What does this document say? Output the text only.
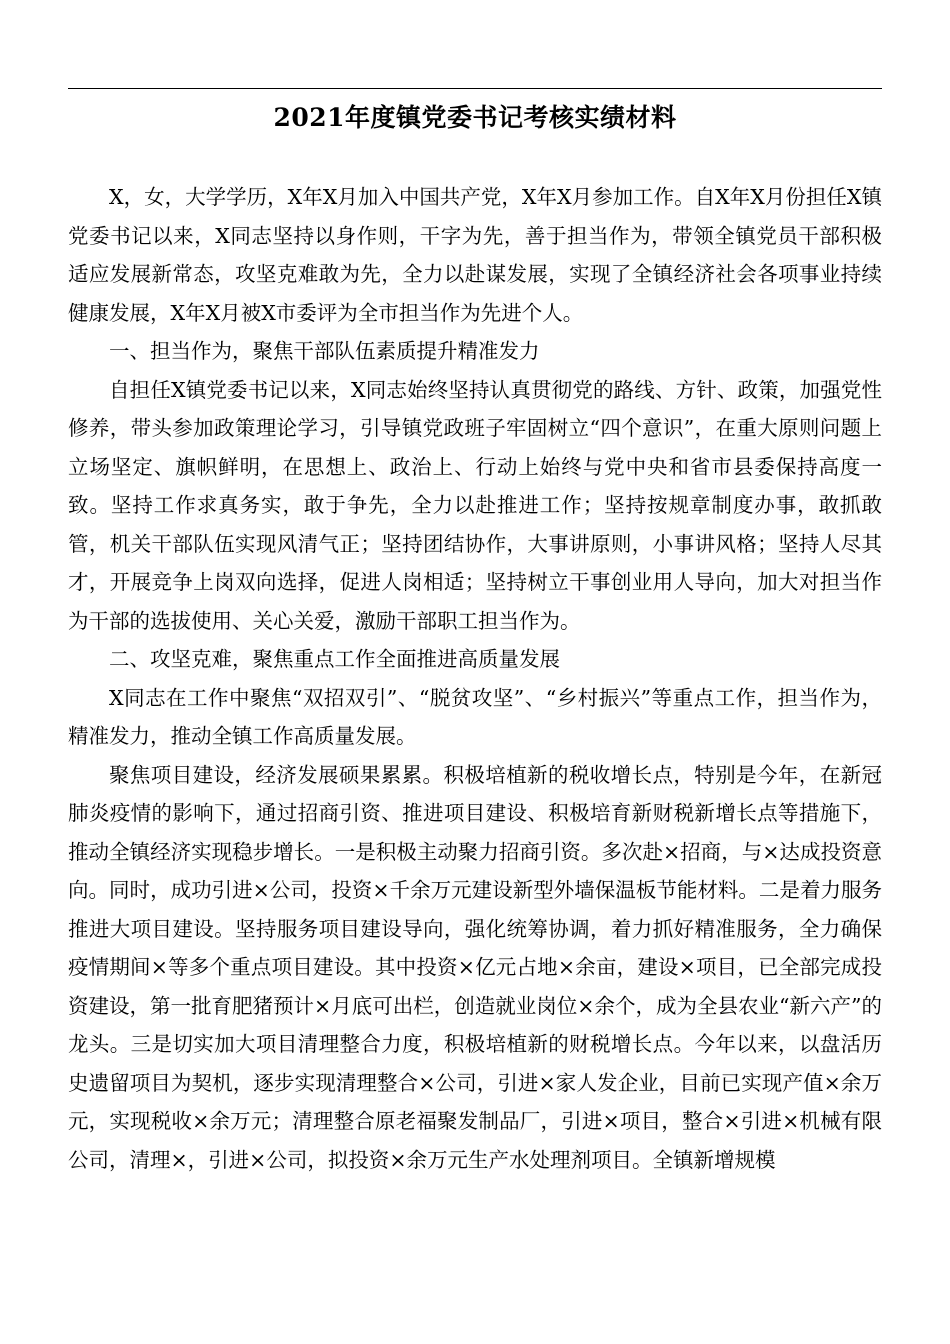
2021年度镇党委书记考核实绩材料

X，女，大学学历，X年X月加入中国共产党，X年X月参加工作。自X年X月份担任X镇党委书记以来，X同志坚持以身作则，干字为先，善于担当作为，带领全镇党员干部积极适应发展新常态，攻坚克难敢为先，全力以赴谋发展，实现了全镇经济社会各项事业持续健康发展，X年X月被X市委评为全市担当作为先进个人。

一、担当作为，聚焦干部队伍素质提升精准发力

自担任X镇党委书记以来，X同志始终坚持认真贯彻党的路线、方针、政策，加强党性修养，带头参加政策理论学习，引导镇党政班子牢固树立“四个意识”，在重大原则问题上立场坚定、旗帜鲜明，在思想上、政治上、行动上始终与党中央和省市县委保持高度一致。坚持工作求真务实，敢于争先，全力以赴推进工作；坚持按规章制度办事，敢抓敢管，机关干部队伍实现风清气正；坚持团结协作，大事讲原则，小事讲风格；坚持人尽其才，开展竞争上岗双向选择，促进人岗相适；坚持树立干事创业用人导向，加大对担当作为干部的选拔使用、关心关爱，激励干部职工担当作为。

二、攻坚克难，聚焦重点工作全面推进高质量发展

X同志在工作中聚焦“双招双引”、“脱贫攻坚”、“乡村振兴”等重点工作，担当作为，精准发力，推动全镇工作高质量发展。

聚焦项目建设，经济发展硕果累累。积极培植新的税收增长点，特别是今年，在新冠肺炎疫情的影响下，通过招商引资、推进项目建设、积极培育新财税新增长点等措施下，推动全镇经济实现稳步增长。一是积极主动聚力招商引资。多次赴×招商，与×达成投资意向。同时，成功引进×公司，投资×千余万元建设新型外墙保温板节能材料。二是着力服务推进大项目建设。坚持服务项目建设导向，强化统筹协调，着力抓好精准服务，全力确保疫情期间×等多个重点项目建设。其中投资×亿元占地×余亩，建设×项目，已全部完成投资建设，第一批育肥猪预计×月底可出栏，创造就业岗位×余个，成为全县农业“新六产”的龙头。三是切实加大项目清理整合力度，积极培植新的财税增长点。今年以来，以盘活历史遗留项目为契机，逐步实现清理整合×公司，引进×家人发企业，目前已实现产值×余万元，实现税收×余万元；清理整合原老福聚发制品厂，引进×项目，整合×引进×机械有限公司，清理×，引进×公司，拟投资×余万元生产水处理剂项目。全镇新增规模
